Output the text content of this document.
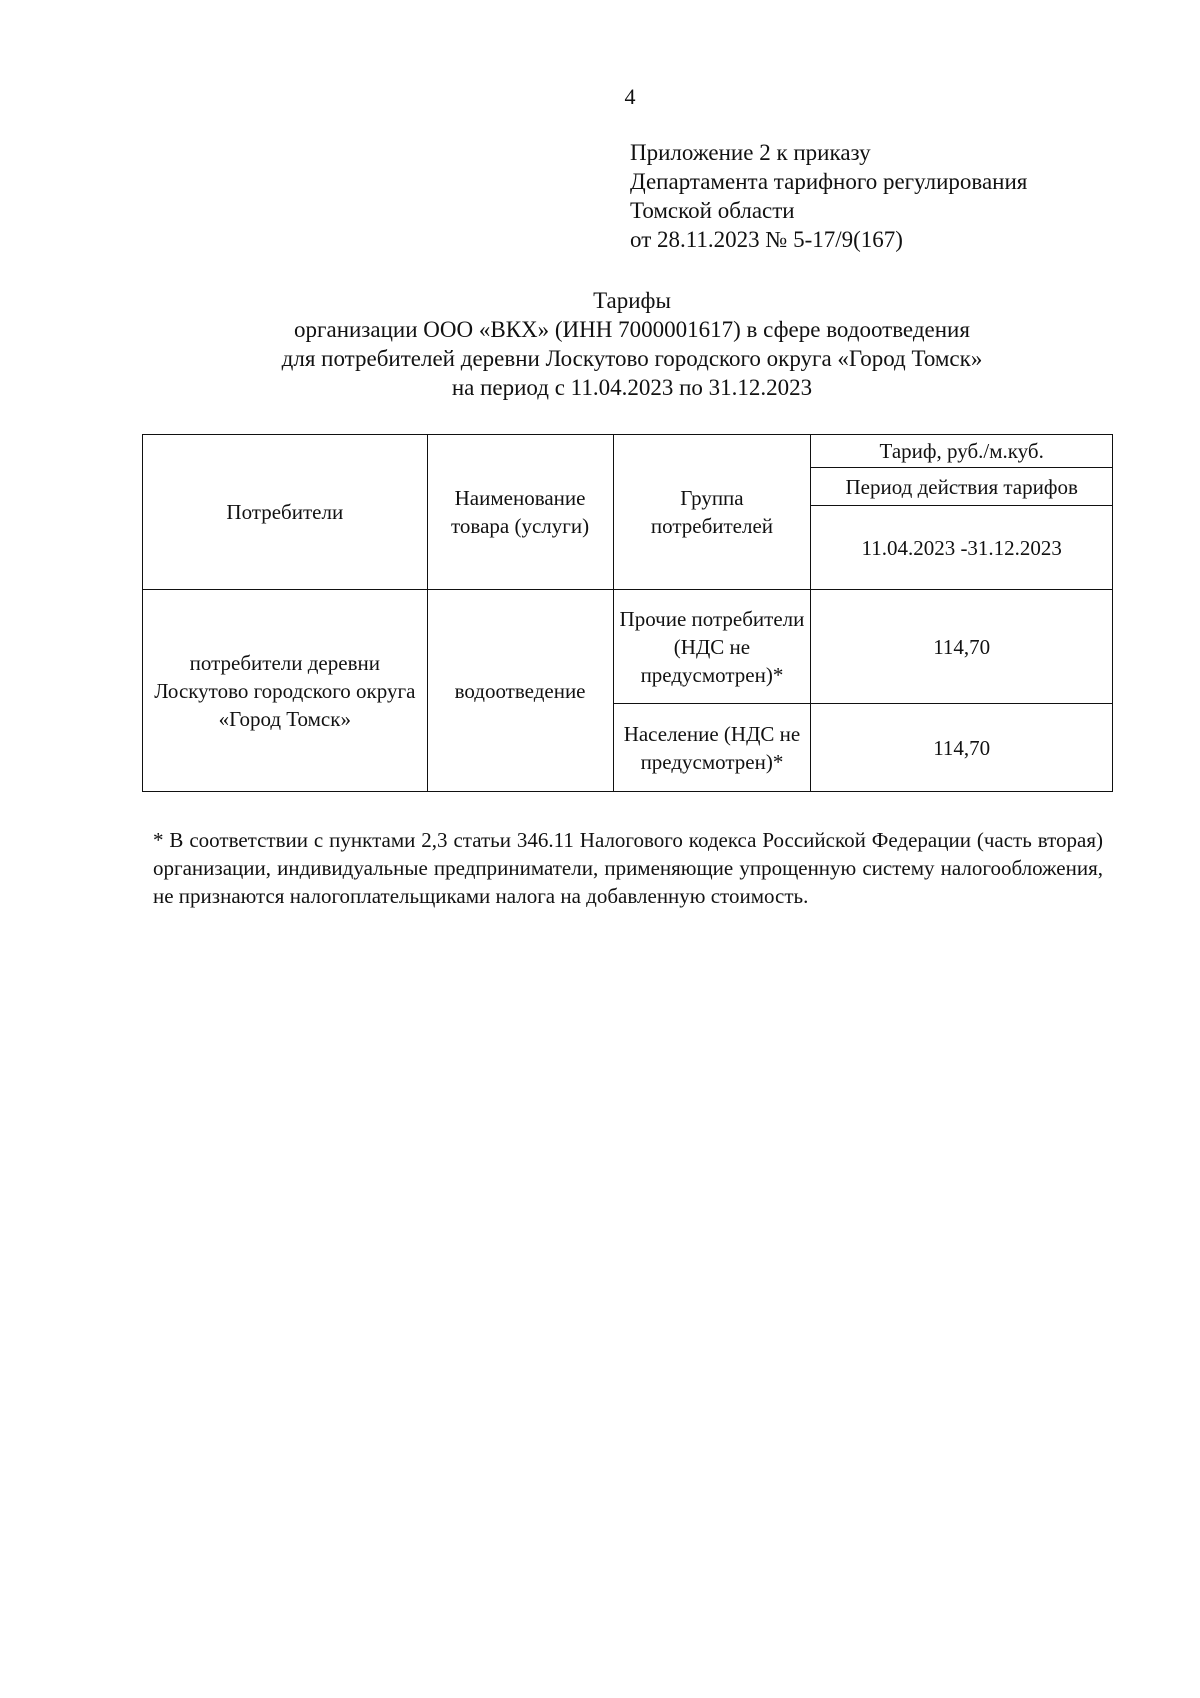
4
Приложение 2 к приказу
Департамента тарифного регулирования
Томской области
от 28.11.2023 № 5-17/9(167)
Тарифы
организации ООО «ВКХ» (ИНН 7000001617) в сфере водоотведения
для потребителей деревни Лоскутово городского округа «Город Томск»
на период с 11.04.2023 по 31.12.2023
Потребители	Наименование товара (услуги)	Группа потребителей	Тариф, руб./м.куб.
			Период действия тарифов
			11.04.2023 -31.12.2023
потребители деревни Лоскутово городского округа «Город Томск»	водоотведение	Прочие потребители (НДС не предусмотрен)*	114,70
		Население (НДС не предусмотрен)*	114,70
* В соответствии с пунктами 2,3 статьи 346.11 Налогового кодекса Российской Федерации (часть вторая) организации, индивидуальные предприниматели, применяющие упрощенную систему налогообложения, не признаются налогоплательщиками налога на добавленную стоимость.
